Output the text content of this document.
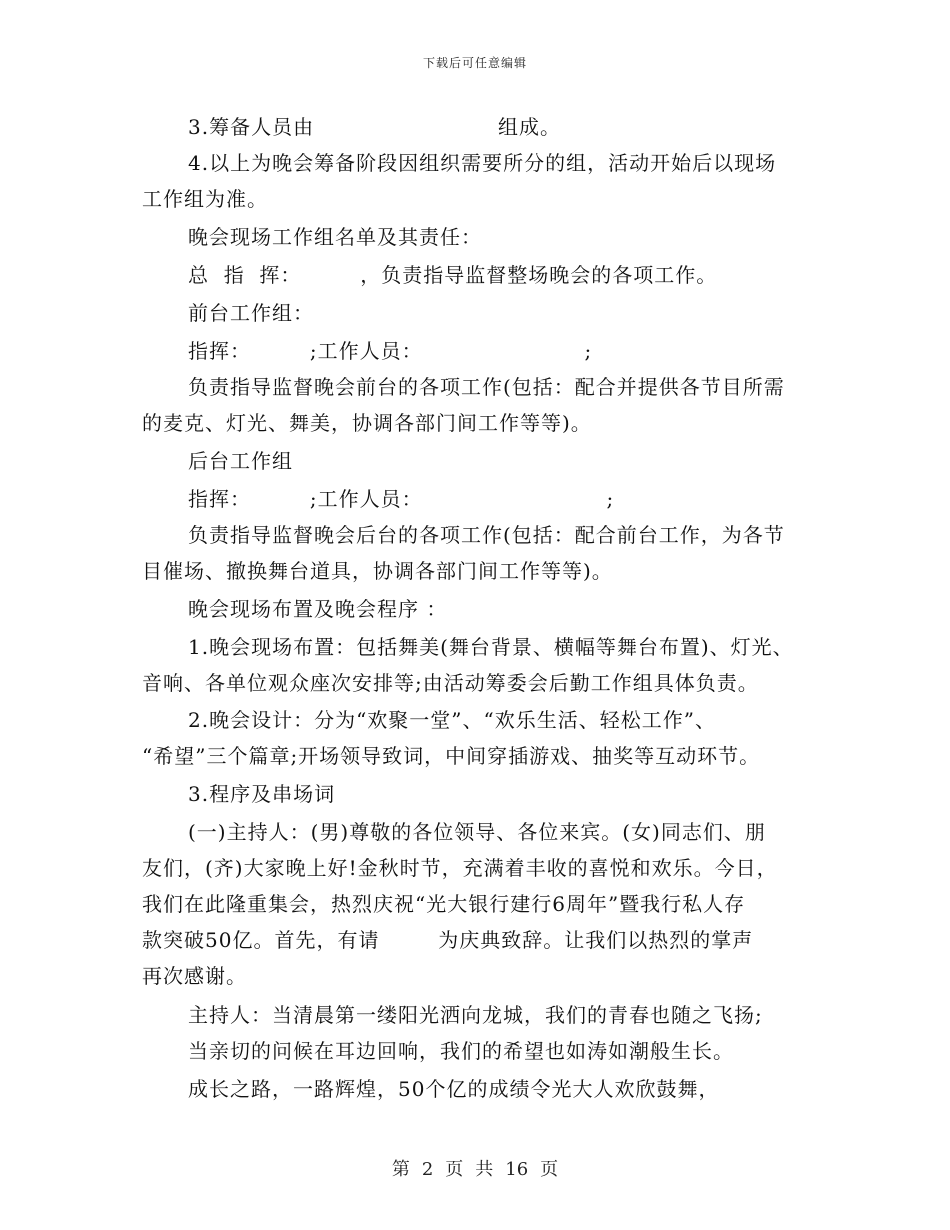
下载后可任意编辑
3.筹备人员由                         组成。
4.以上为晚会筹备阶段因组织需要所分的组，活动开始后以现场
工作组为准。
晚会现场工作组名单及其责任：
总  指  挥：        ，负责指导监督整场晚会的各项工作。
前台工作组：
指挥：        ;工作人员：                      ;
负责指导监督晚会前台的各项工作(包括：配合并提供各节目所需
的麦克、灯光、舞美，协调各部门间工作等等)。
后台工作组
指挥：        ;工作人员：                         ;
负责指导监督晚会后台的各项工作(包括：配合前台工作，为各节
目催场、撤换舞台道具，协调各部门间工作等等)。
晚会现场布置及晚会程序 ：
1.晚会现场布置：包括舞美(舞台背景、横幅等舞台布置)、灯光、
音响、各单位观众座次安排等;由活动筹委会后勤工作组具体负责。
2.晚会设计：分为“欢聚一堂”、“欢乐生活、轻松工作”、
“希望”三个篇章;开场领导致词，中间穿插游戏、抽奖等互动环节。
3.程序及串场词
(一)主持人：(男)尊敬的各位领导、各位来宾。(女)同志们、朋
友们，(齐)大家晚上好!金秋时节，充满着丰收的喜悦和欢乐。今日，
我们在此隆重集会，热烈庆祝“光大银行建行6周年”暨我行私人存
款突破50亿。首先，有请        为庆典致辞。让我们以热烈的掌声
再次感谢。
主持人：当清晨第一缕阳光洒向龙城，我们的青春也随之飞扬;
当亲切的问候在耳边回响，我们的希望也如涛如潮般生长。
成长之路，一路辉煌，50个亿的成绩令光大人欢欣鼓舞，
第 2 页 共 16 页
